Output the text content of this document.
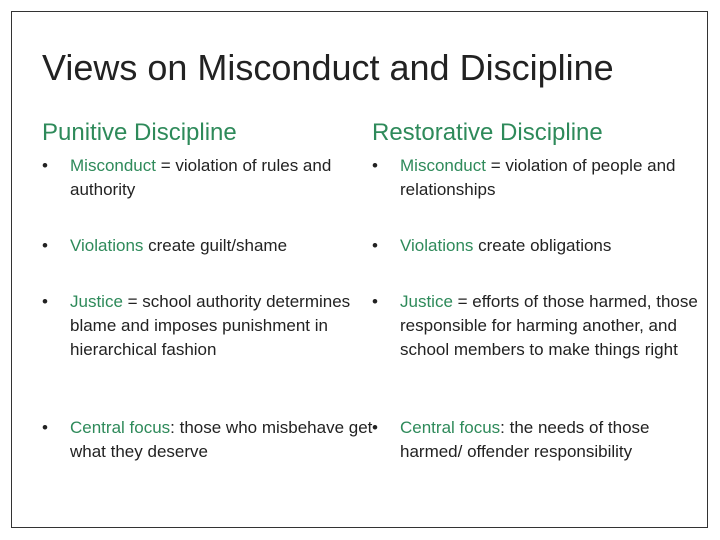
Views on Misconduct and Discipline
Punitive Discipline
• Misconduct = violation of rules and authority
• Violations create guilt/shame
• Justice = school authority determines blame and imposes punishment in hierarchical fashion
• Central focus: those who misbehave get what they deserve
Restorative Discipline
• Misconduct = violation of people and relationships
• Violations create obligations
• Justice = efforts of those harmed, those responsible for harming another, and school members to make things right
• Central focus: the needs of those harmed/ offender responsibility
